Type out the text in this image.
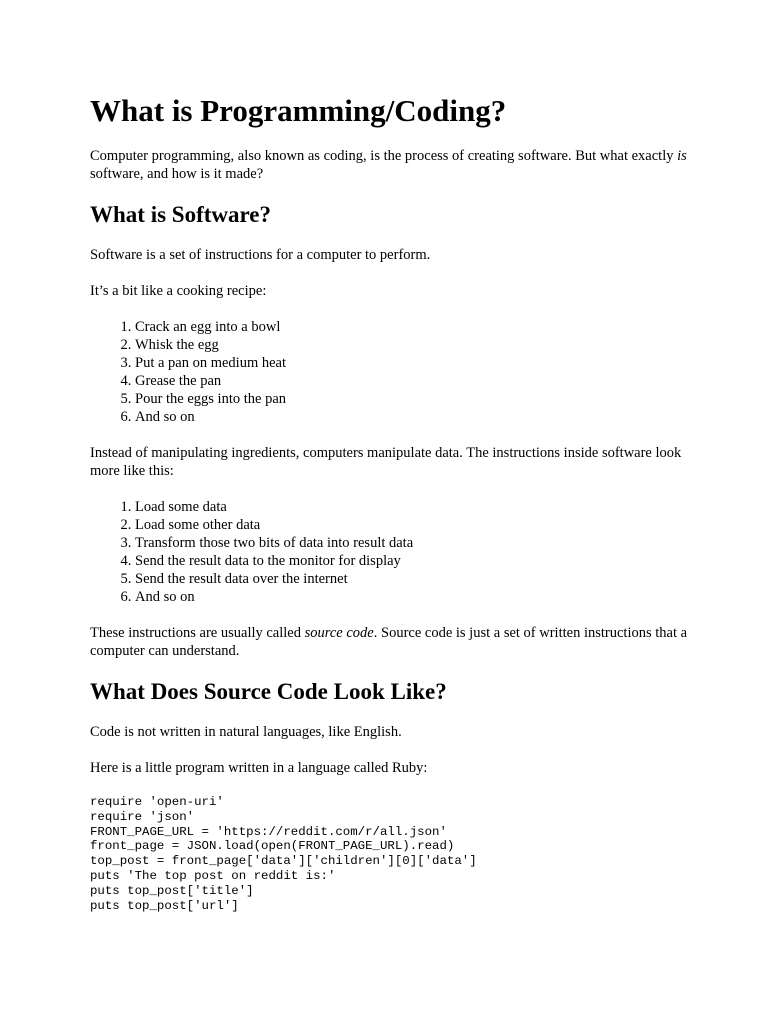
What is Programming/Coding?

Computer programming, also known as coding, is the process of creating software. But what exactly is software, and how is it made?

What is Software?

Software is a set of instructions for a computer to perform.

It’s a bit like a cooking recipe:

1. Crack an egg into a bowl
2. Whisk the egg
3. Put a pan on medium heat
4. Grease the pan
5. Pour the eggs into the pan
6. And so on

Instead of manipulating ingredients, computers manipulate data. The instructions inside software look more like this:

1. Load some data
2. Load some other data
3. Transform those two bits of data into result data
4. Send the result data to the monitor for display
5. Send the result data over the internet
6. And so on

These instructions are usually called source code. Source code is just a set of written instructions that a computer can understand.

What Does Source Code Look Like?

Code is not written in natural languages, like English.

Here is a little program written in a language called Ruby:

require 'open-uri'
require 'json'
FRONT_PAGE_URL = 'https://reddit.com/r/all.json'
front_page = JSON.load(open(FRONT_PAGE_URL).read)
top_post = front_page['data']['children'][0]['data']
puts 'The top post on reddit is:'
puts top_post['title']
puts top_post['url']
